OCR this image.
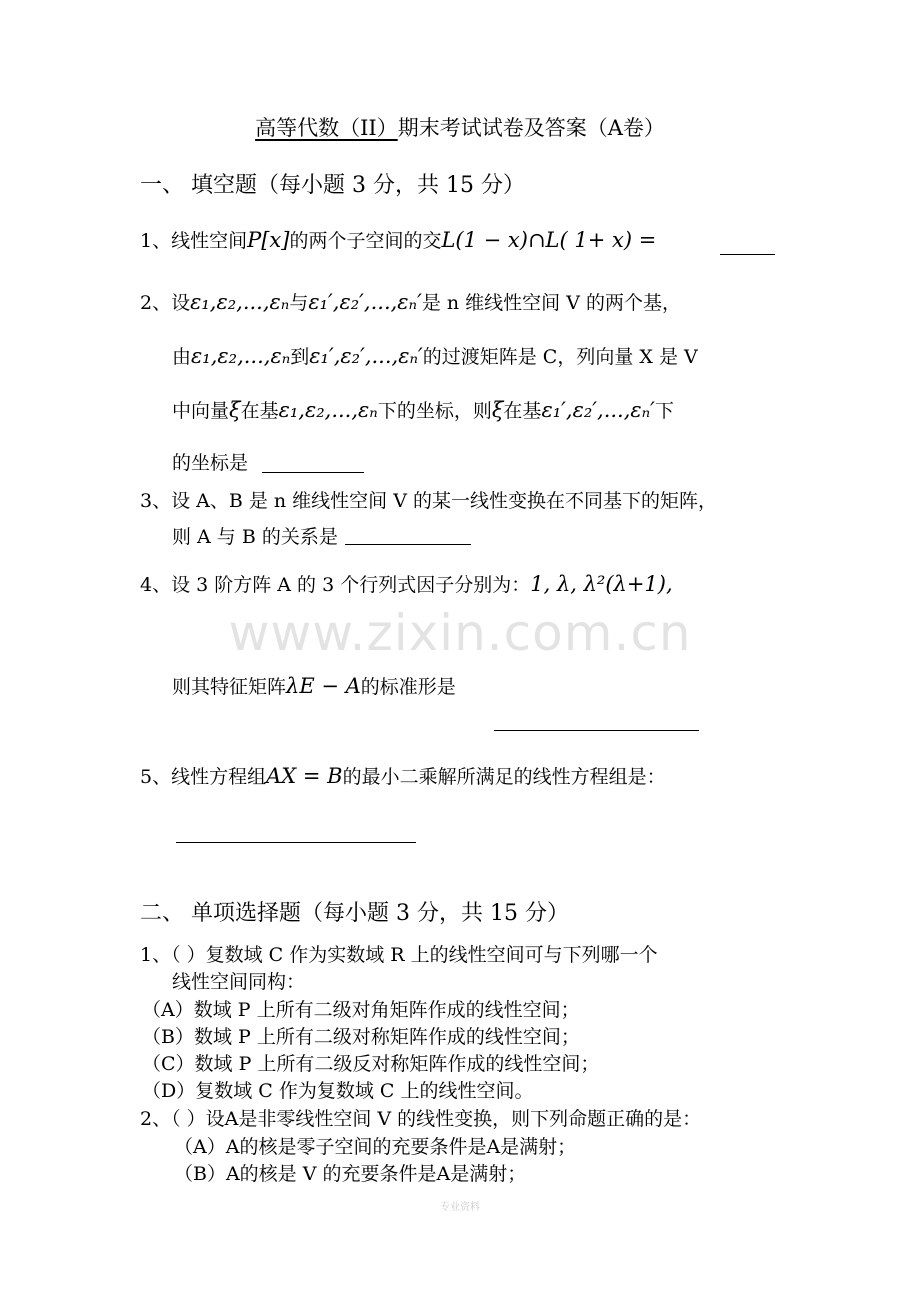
高等代数（II）期末考试试卷及答案（A卷）
一、 填空题（每小题 3 分，共 15 分）
1、线性空间P[x]的两个子空间的交L(1 − x)∩L( 1+ x) =
2、设ε₁,ε₂,...,εₙ与ε₁′,ε₂′,...,εₙ′是 n 维线性空间 V 的两个基，
由ε₁,ε₂,...,εₙ到ε₁′,ε₂′,...,εₙ′的过渡矩阵是 C，列向量 X 是 V
中向量ξ在基ε₁,ε₂,...,εₙ下的坐标，则ξ在基ε₁′,ε₂′,...,εₙ′下
的坐标是
3、设 A、B 是 n 维线性空间 V 的某一线性变换在不同基下的矩阵，
则 A 与 B 的关系是
4、设 3 阶方阵 A 的 3 个行列式因子分别为：1, λ, λ²(λ+1),
www.zixin.com.cn
则其特征矩阵λE − A的标准形是
5、线性方程组AX = B的最小二乘解所满足的线性方程组是：
二、 单项选择题（每小题 3 分，共 15 分）
1、（ ）复数域 C 作为实数域 R 上的线性空间可与下列哪一个
线性空间同构：
（A）数域 P 上所有二级对角矩阵作成的线性空间；
（B）数域 P 上所有二级对称矩阵作成的线性空间；
（C）数域 P 上所有二级反对称矩阵作成的线性空间；
（D）复数域 C 作为复数域 C 上的线性空间。
2、（ ）设A是非零线性空间 V 的线性变换，则下列命题正确的是：
（A）A的核是零子空间的充要条件是A是满射；
（B）A的核是 V 的充要条件是A是满射；
专业资料
